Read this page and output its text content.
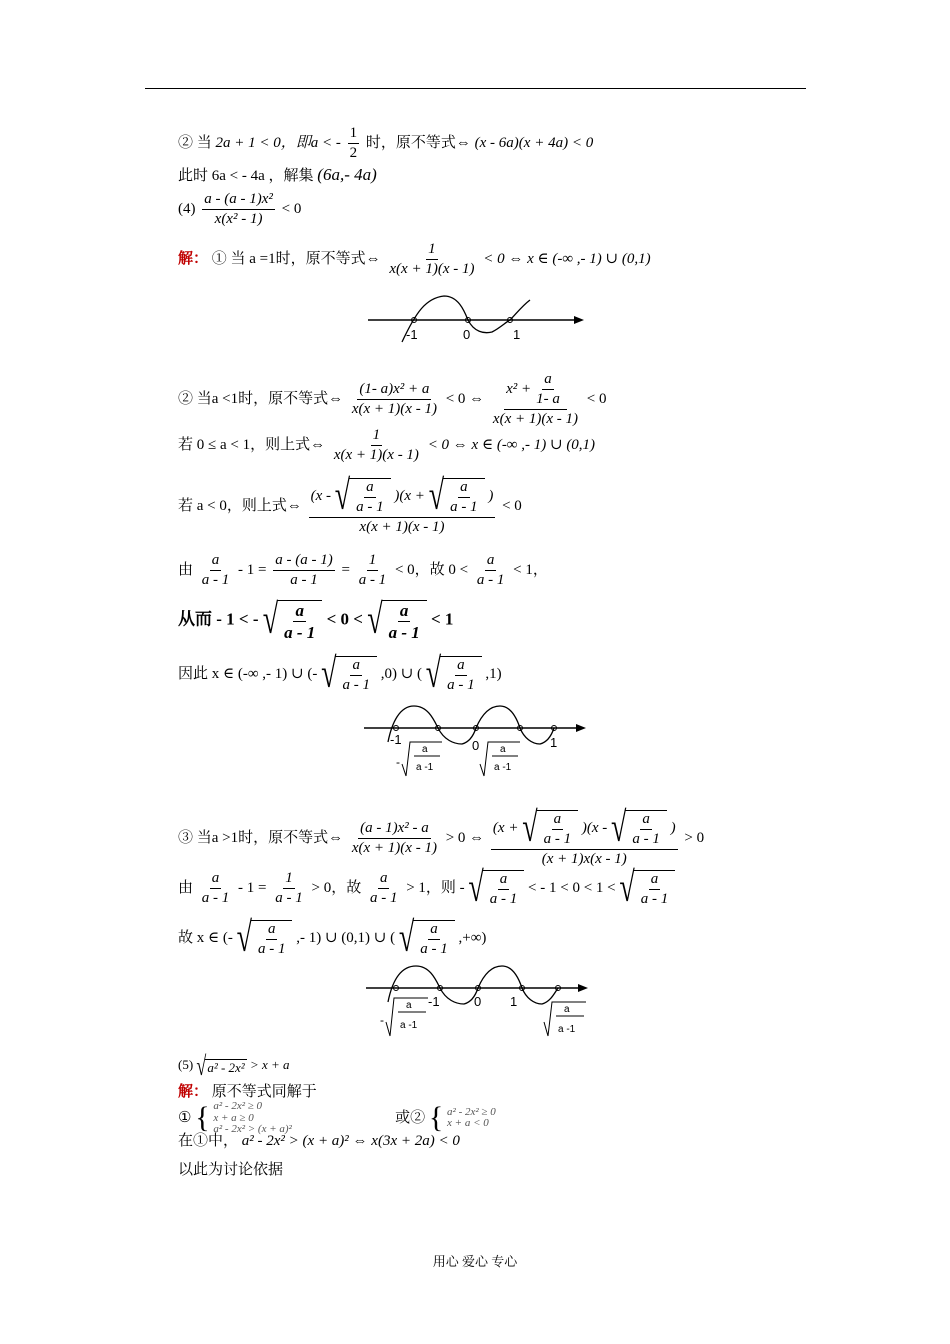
② 当 2a + 1 < 0，即a < - $\frac{1}{2}$ 时，原不等式⇔ (x - 6a)(x + 4a) < 0
此时 6a < - 4a ，解集 (6a,- 4a)
$(4) \frac{\text{a - (a - 1)x²}}{\text{x(x² - 1)}} < 0$
解： ① 当 a =1时，原不等式⇔ $\frac{1}{x(x + 1)(x - 1)} < 0$ ⇔ x ∈ (-∞ ,- 1) ∪ (0,1)
-1	0	1
② 当a <1时，原不等式⇔ $\frac{\text{(1- a)x² + a}}{x(x + 1)(x - 1)} < 0$ ⇔ $\frac{x^2 + \frac{a}{1- a}}{x(x + 1)(x - 1)} < 0$
若 0 ≤ a < 1，则上式⇔ $\frac{1}{x(x + 1)(x - 1)} < 0$ ⇔ x ∈ (-∞ ,- 1) ∪ (0,1)
若 a < 0，则上式⇔ $\frac{(x - √ \frac{a}{a - 1} )(x + √ \frac{a}{a - 1} )}{x(x + 1)(x - 1)} < 0$
由 $\frac{a}{a - 1} - 1 = \frac{a - (a - 1)}{a - 1} = \frac{1}{a - 1} < 0$，故 $0 < \frac{a}{a - 1} < 1$，
从而 - 1 < - √ $\frac{a}{a - 1} < 0$ < √ $\frac{a}{a - 1} < 1$
因此 x ∈ (-∞ ,- 1) ∪ (- √ $\frac{a}{a - 1} ,0$) ∪ ( √ $\frac{a}{a - 1} ,1$)
-1	0	1
-
a
a -1
a
a -1
③ 当a >1时，原不等式⇔ $\frac{\text{(a - 1)x² - a}}{x(x + 1)(x - 1)} > 0$ ⇔ $\frac{(x + √ \frac{a}{a - 1} )(x - √ \frac{a}{a - 1} )}{(x + 1)x(x - 1)} > 0$
由 $\frac{a}{a - 1} - 1 = \frac{1}{a - 1} > 0$，故 $\frac{a}{a - 1} > 1$，则 - √ $\frac{a}{a - 1}$ < - 1 < 0 < 1 < √ $\frac{a}{a - 1}$
故 x ∈ (- √ $\frac{a}{a - 1}$ ,- 1) ∪ (0,1) ∪ ( √ $\frac{a}{a - 1}$ ,+∞)
-1	0 1
-
a
a -1
a
a -1
(5) √ a² - 2x² > x + a
解： 原不等式同解于
① { a² - 2x² ≥ 0
x + a ≥ 0
a² - 2x² > (x + a)²
或② { a² - 2x² ≥ 0
x + a < 0
在①中， a² - 2x² > (x + a)² ⇔ x(3x + 2a) < 0
以此为讨论依据
用心 爱心 专心
